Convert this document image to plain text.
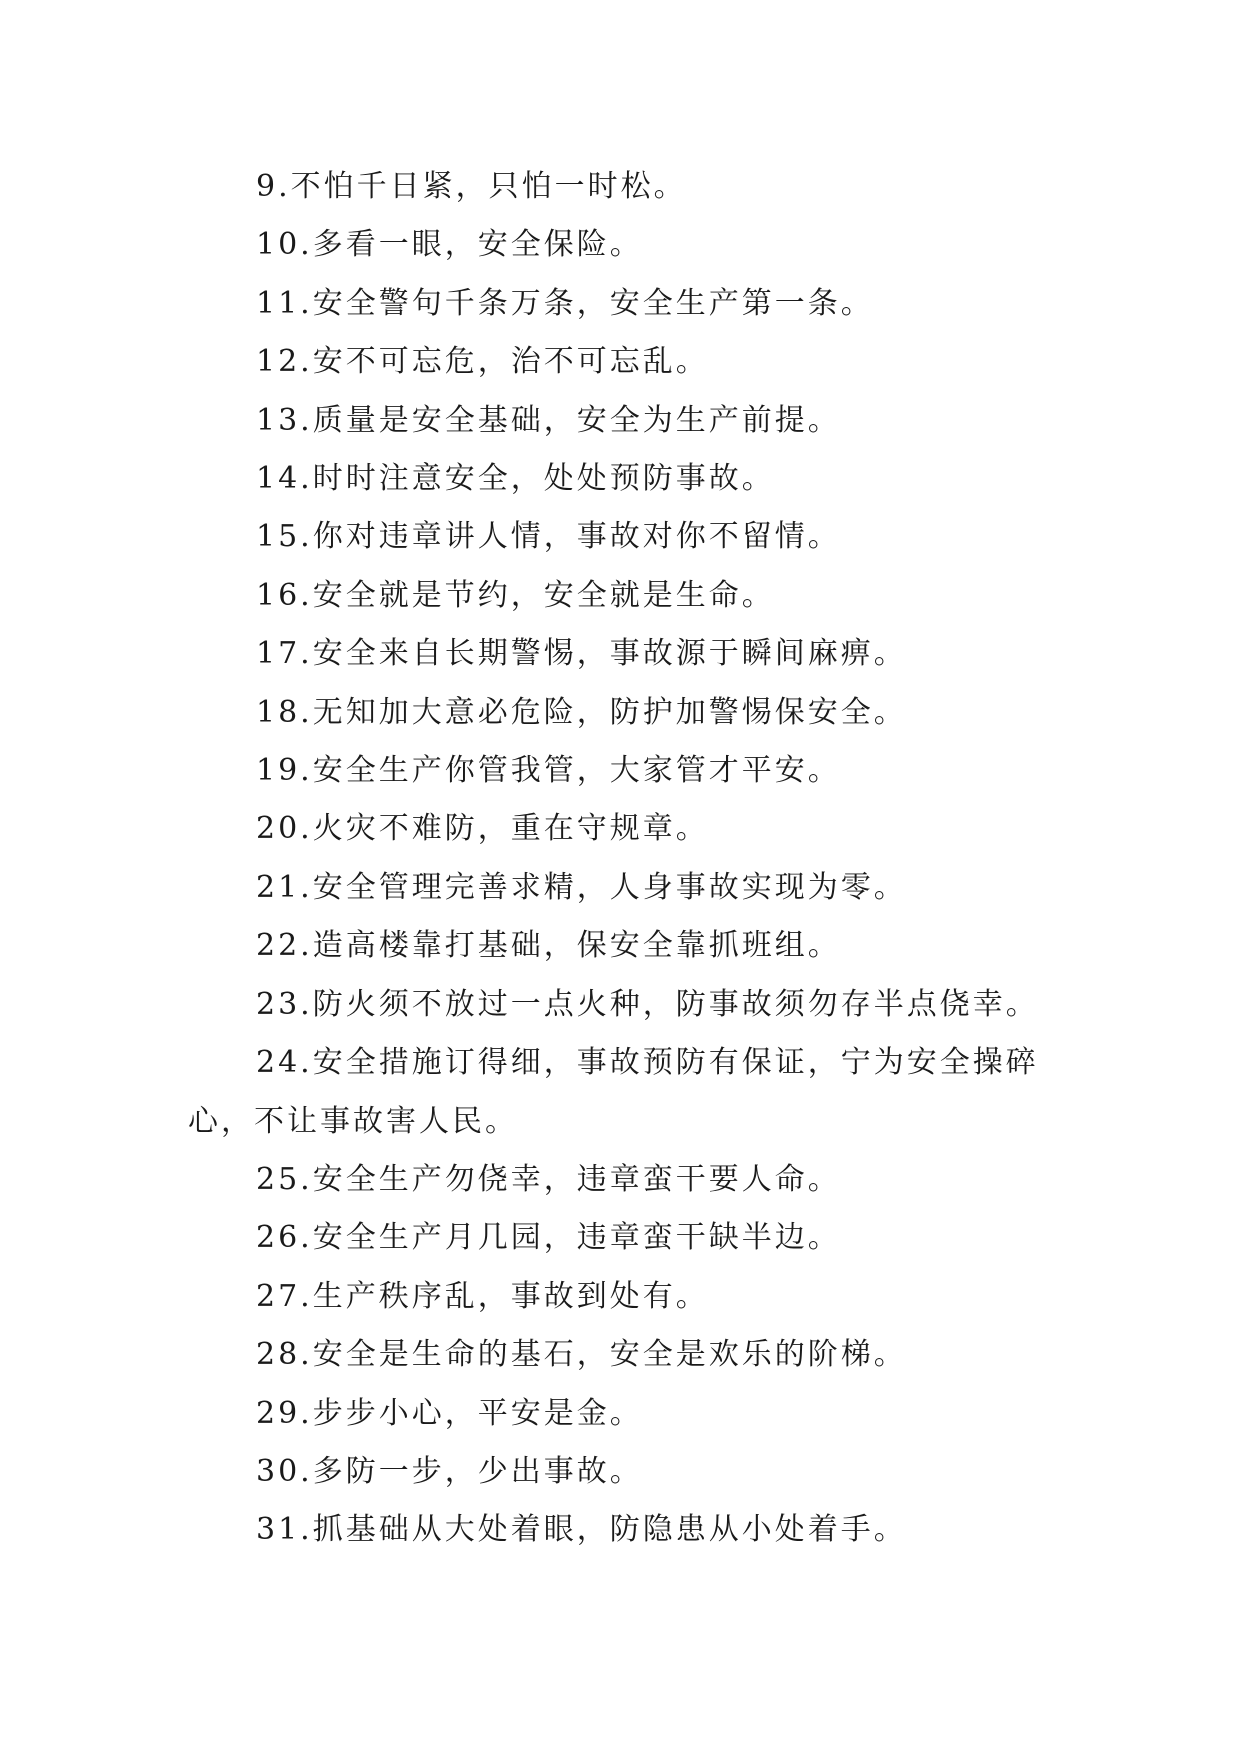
9.不怕千日紧，只怕一时松。

10.多看一眼，安全保险。

11.安全警句千条万条，安全生产第一条。

12.安不可忘危，治不可忘乱。

13.质量是安全基础，安全为生产前提。

14.时时注意安全，处处预防事故。

15.你对违章讲人情，事故对你不留情。

16.安全就是节约，安全就是生命。

17.安全来自长期警惕，事故源于瞬间麻痹。

18.无知加大意必危险，防护加警惕保安全。

19.安全生产你管我管，大家管才平安。

20.火灾不难防，重在守规章。

21.安全管理完善求精，人身事故实现为零。

22.造高楼靠打基础，保安全靠抓班组。

23.防火须不放过一点火种，防事故须勿存半点侥幸。

24.安全措施订得细，事故预防有保证，宁为安全操碎心，不让事故害人民。

25.安全生产勿侥幸，违章蛮干要人命。

26.安全生产月几园，违章蛮干缺半边。

27.生产秩序乱，事故到处有。

28.安全是生命的基石，安全是欢乐的阶梯。

29.步步小心，平安是金。

30.多防一步，少出事故。

31.抓基础从大处着眼，防隐患从小处着手。
